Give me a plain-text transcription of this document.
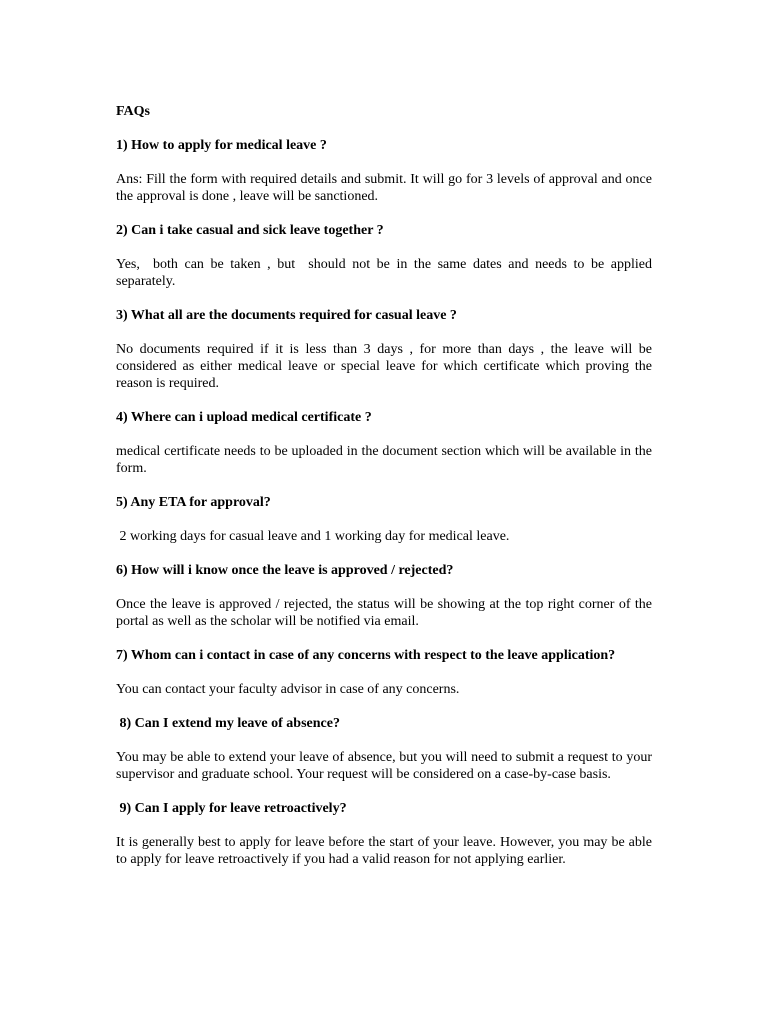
FAQs
1) How to apply for medical leave ?
Ans: Fill the form with required details and submit. It will go for 3 levels of approval and once the approval is done , leave will be sanctioned.
2) Can i take casual and sick leave together ?
Yes,  both can be taken , but  should not be in the same dates and needs to be applied separately.
3) What all are the documents required for casual leave ?
No documents required if it is less than 3 days , for more than days , the leave will be considered as either medical leave or special leave for which certificate which proving the reason is required.
4) Where can i upload medical certificate ?
medical certificate needs to be uploaded in the document section which will be available in the form.
5) Any ETA for approval?
2 working days for casual leave and 1 working day for medical leave.
6) How will i know once the leave is approved / rejected?
Once the leave is approved / rejected, the status will be showing at the top right corner of the portal as well as the scholar will be notified via email.
7) Whom can i contact in case of any concerns with respect to the leave application?
You can contact your faculty advisor in case of any concerns.
8) Can I extend my leave of absence?
You may be able to extend your leave of absence, but you will need to submit a request to your supervisor and graduate school. Your request will be considered on a case-by-case basis.
9) Can I apply for leave retroactively?
It is generally best to apply for leave before the start of your leave. However, you may be able to apply for leave retroactively if you had a valid reason for not applying earlier.
